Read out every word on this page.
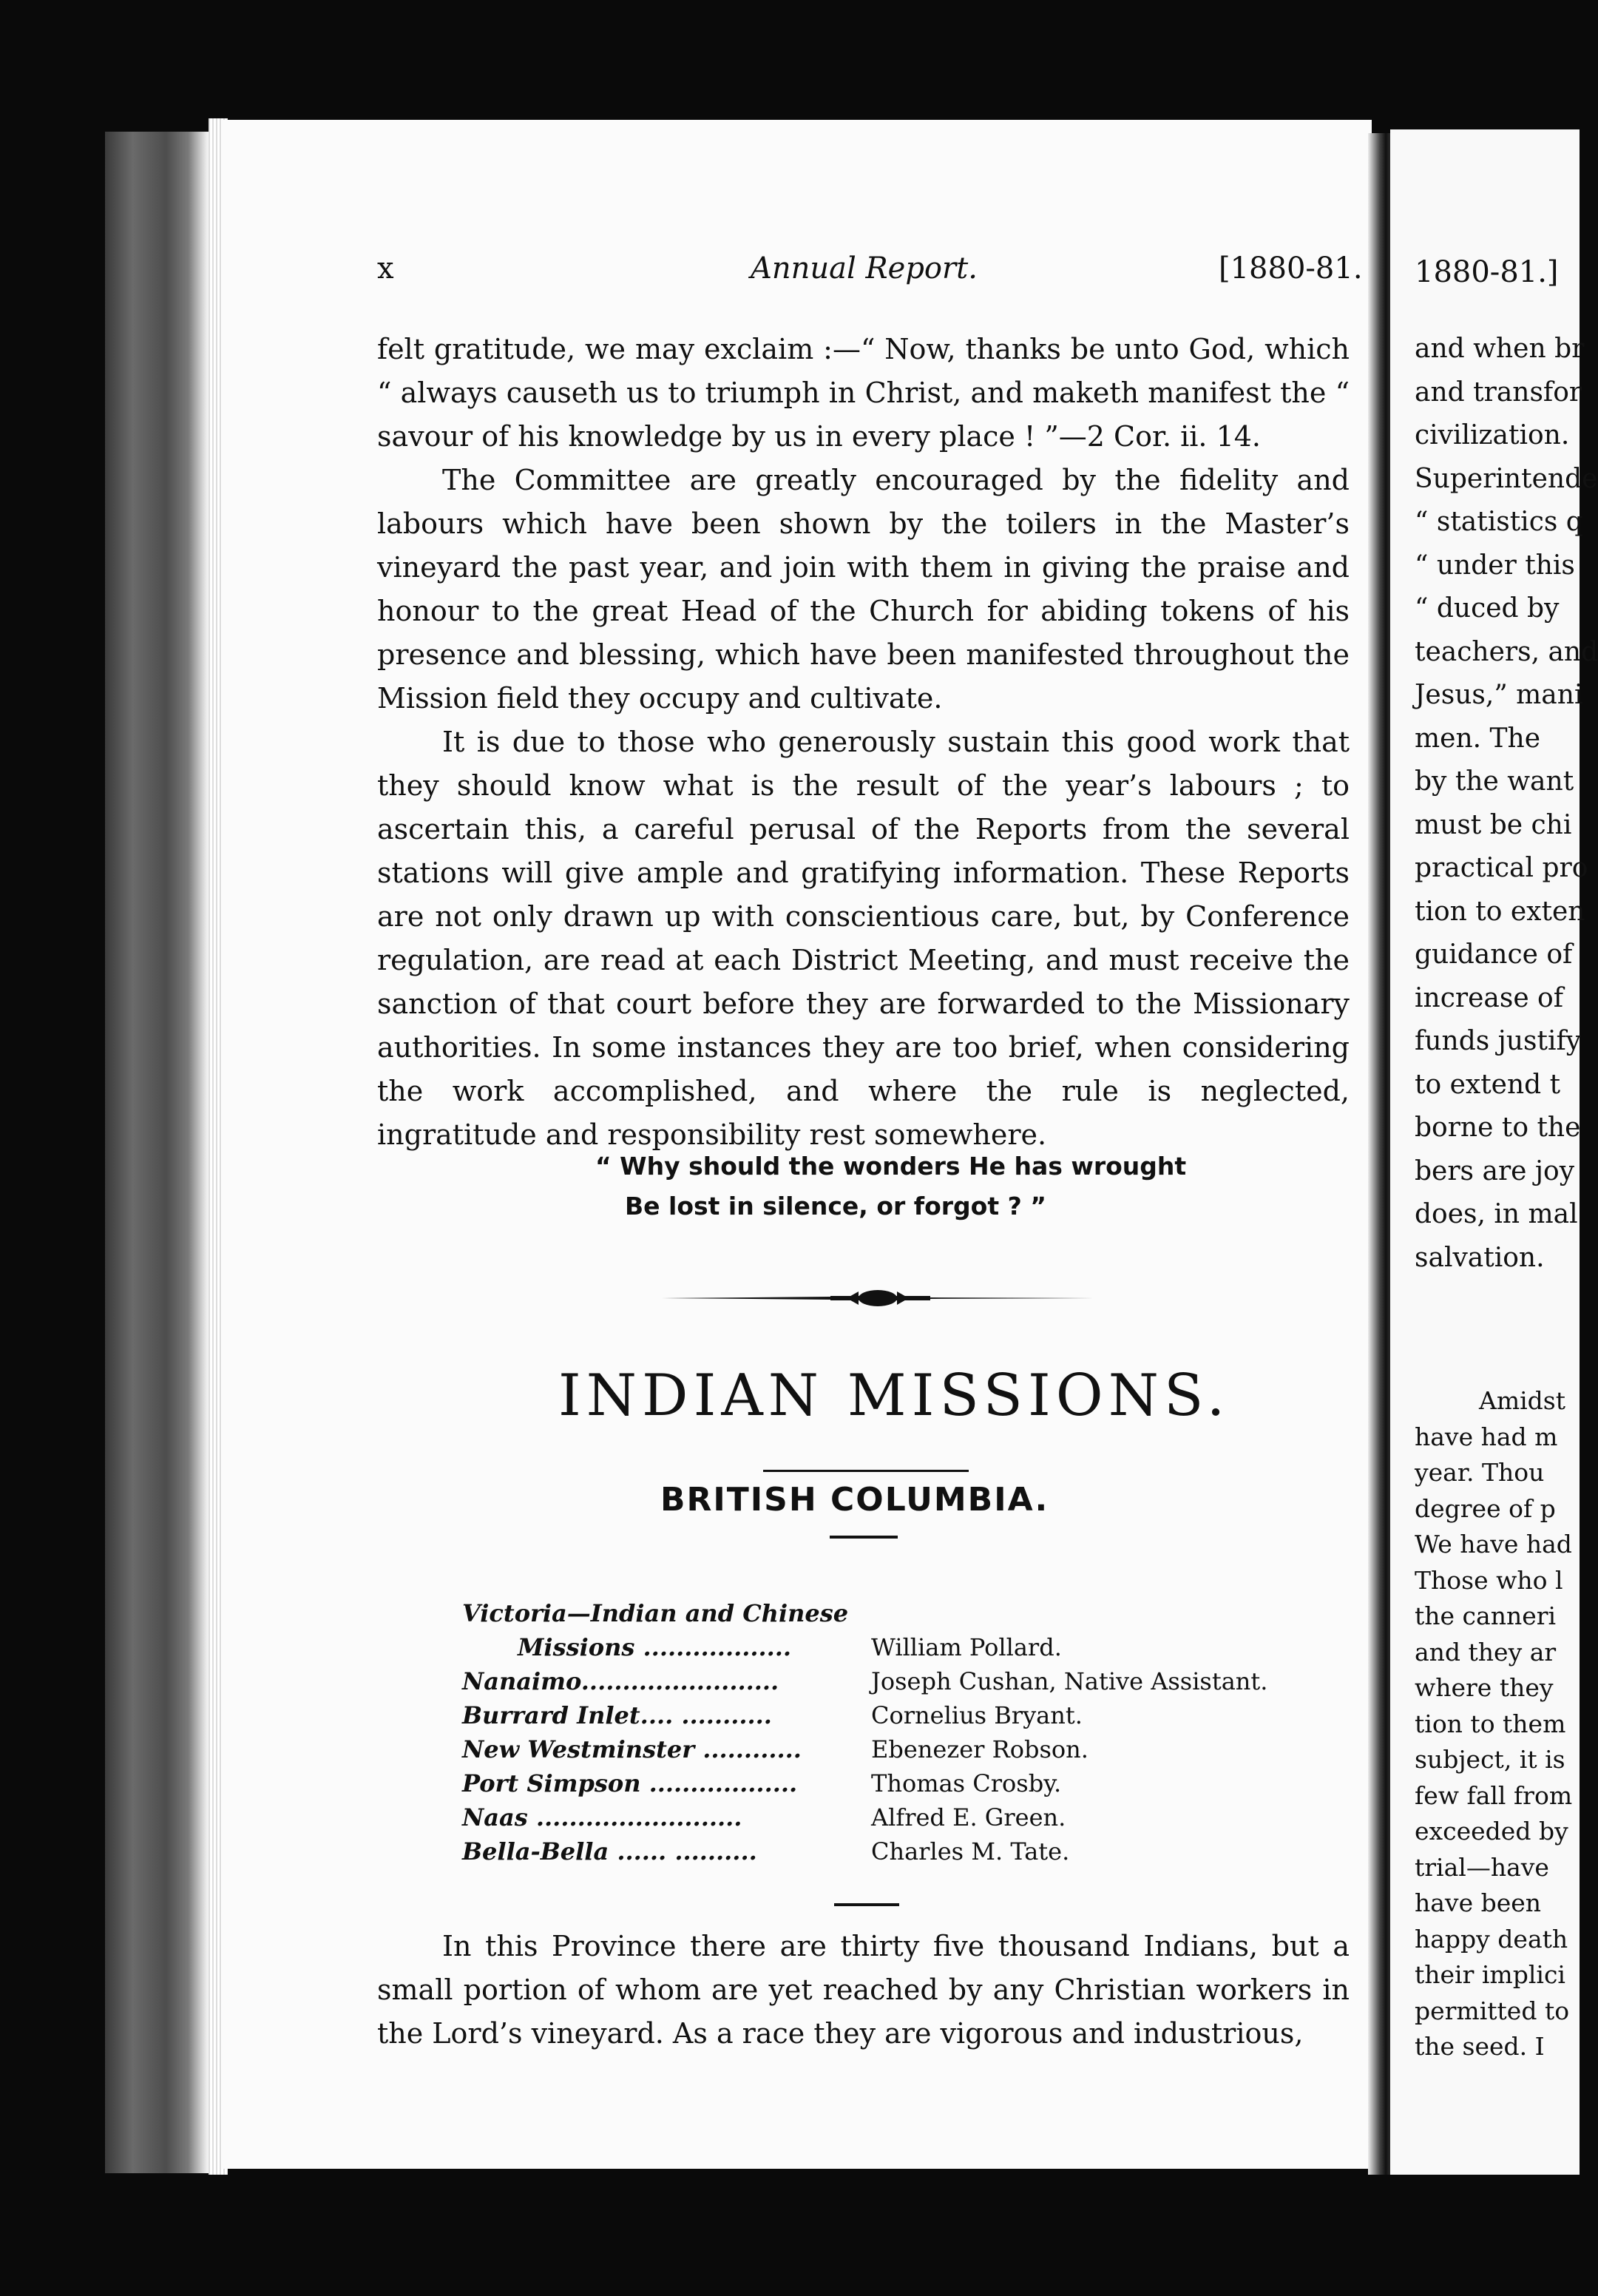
x	Annual Report.	[1880-81.

felt gratitude, we may exclaim :—“ Now, thanks be unto God, which “ always causeth us to triumph in Christ, and maketh manifest the “ savour of his knowledge by us in every place ! ”—2 Cor. ii. 14.

The Committee are greatly encouraged by the fidelity and labours which have been shown by the toilers in the Master’s vineyard the past year, and join with them in giving the praise and honour to the great Head of the Church for abiding tokens of his presence and blessing, which have been manifested throughout the Mission field they occupy and cultivate.

It is due to those who generously sustain this good work that they should know what is the result of the year’s labours ; to ascertain this, a careful perusal of the Reports from the several stations will give ample and gratifying information. These Reports are not only drawn up with conscientious care, but, by Conference regulation, are read at each District Meeting, and must receive the sanction of that court before they are forwarded to the Missionary authorities. In some instances they are too brief, when considering the work accomplished, and where the rule is neglected, ingratitude and responsibility rest somewhere.

“ Why should the wonders He has wrought
Be lost in silence, or forgot ? ”
INDIAN MISSIONS.
BRITISH COLUMBIA.
Victoria—Indian and Chinese
Missions ..................	William Pollard.
Nanaimo........................	Joseph Cushan, Native Assistant.
Burrard Inlet.... ...........	Cornelius Bryant.
New Westminster ............	Ebenezer Robson.
Port Simpson ..................	Thomas Crosby.
Naas .........................	Alfred E. Green.
Bella-Bella ...... ..........	Charles M. Tate.

In this Province there are thirty five thousand Indians, but a small portion of whom are yet reached by any Christian workers in the Lord’s vineyard. As a race they are vigorous and industrious,

1880-81.]
and when br
and transfor
civilization.
Superintende
“ statistics q
“ under this
“ duced by
teachers, and
Jesus,” mani
men. The
by the want
must be chi
practical pro
tion to exten
guidance of
increase of
funds justify
to extend t
borne to the
bers are joy
does, in mal
salvation.
Amidst
have had m
year. Thou
degree of p
We have had
Those who l
the canneri
and they ar
where they
tion to them
subject, it is
few fall from
exceeded by
trial—have
have been
happy death
their implici
permitted to
the seed. I
